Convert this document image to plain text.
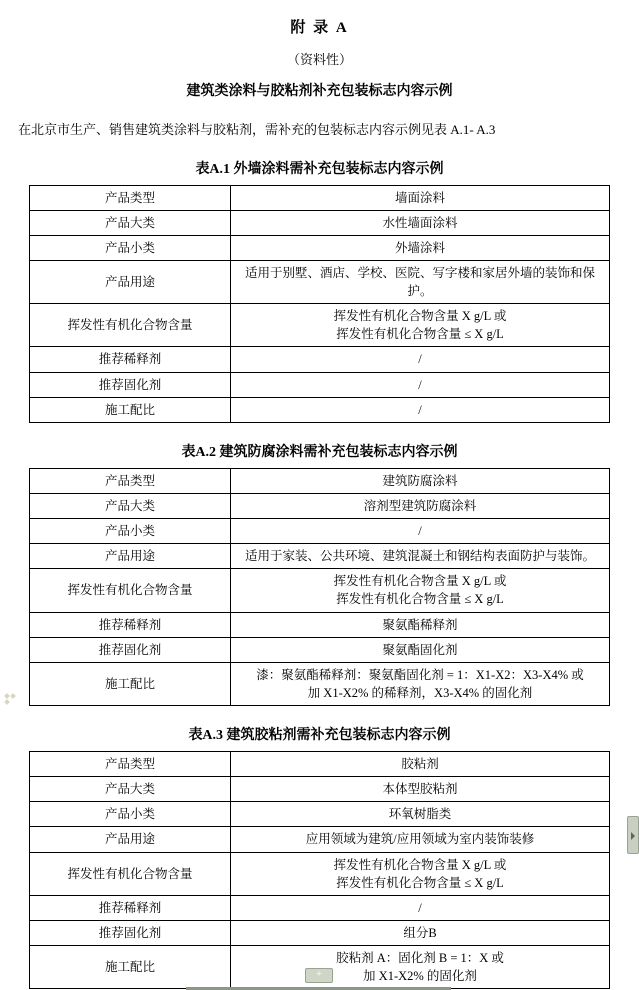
附 录 A
（资料性）
建筑类涂料与胶粘剂补充包装标志内容示例
在北京市生产、销售建筑类涂料与胶粘剂，需补充的包装标志内容示例见表 A.1- A.3
表A.1 外墙涂料需补充包装标志内容示例
产品类型	墙面涂料
产品大类	水性墙面涂料
产品小类	外墙涂料
产品用途	适用于别墅、酒店、学校、医院、写字楼和家居外墙的装饰和保护。
挥发性有机化合物含量	挥发性有机化合物含量 X g/L 或
挥发性有机化合物含量 ≤ X g/L

推荐稀释剂	/
推荐固化剂	/
施工配比	/
表A.2 建筑防腐涂料需补充包装标志内容示例
产品类型	建筑防腐涂料
产品大类	溶剂型建筑防腐涂料
产品小类	/
产品用途	适用于家装、公共环境、建筑混凝土和钢结构表面防护与装饰。
挥发性有机化合物含量	挥发性有机化合物含量 X g/L 或
挥发性有机化合物含量 ≤ X g/L

推荐稀释剂	聚氨酯稀释剂
推荐固化剂	聚氨酯固化剂
施工配比	漆：聚氨酯稀释剂：聚氨酯固化剂 = 1：X1-X2：X3-X4% 或
加 X1-X2% 的稀释剂，X3-X4% 的固化剂
表A.3 建筑胶粘剂需补充包装标志内容示例
产品类型	胶粘剂
产品大类	本体型胶粘剂
产品小类	环氧树脂类
产品用途	应用领域为建筑/应用领域为室内装饰装修
挥发性有机化合物含量	挥发性有机化合物含量 X g/L 或
挥发性有机化合物含量 ≤ X g/L

推荐稀释剂	/
推荐固化剂	组分B
施工配比	胶粘剂 A：固化剂 B = 1：X 或
加 X1-X2% 的固化剂
+
